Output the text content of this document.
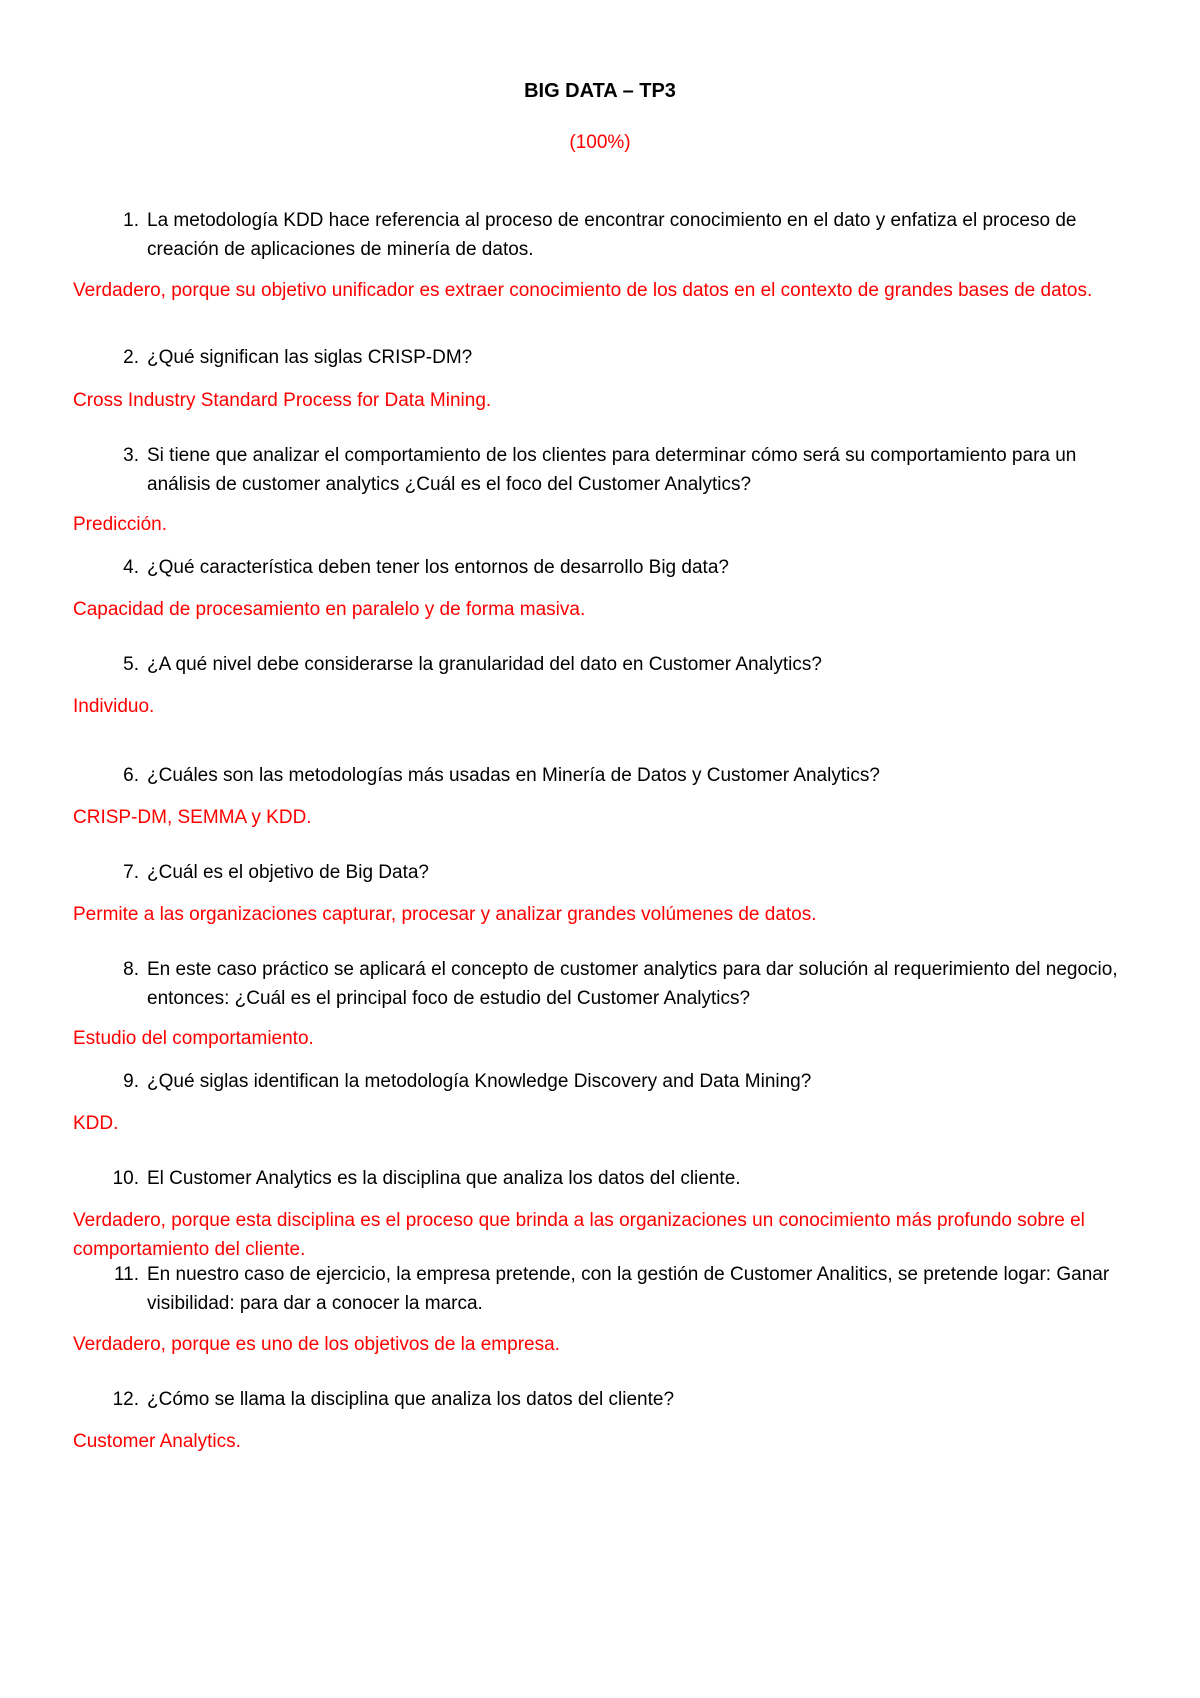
BIG DATA – TP3
(100%)
1. La metodología KDD hace referencia al proceso de encontrar conocimiento en el dato y enfatiza el proceso de creación de aplicaciones de minería de datos.
Verdadero, porque su objetivo unificador es extraer conocimiento de los datos en el contexto de grandes bases de datos.
2. ¿Qué significan las siglas CRISP-DM?
Cross Industry Standard Process for Data Mining.
3. Si tiene que analizar el comportamiento de los clientes para determinar cómo será su comportamiento para un análisis de customer analytics ¿Cuál es el foco del Customer Analytics?
Predicción.
4. ¿Qué característica deben tener los entornos de desarrollo Big data?
Capacidad de procesamiento en paralelo y de forma masiva.
5. ¿A qué nivel debe considerarse la granularidad del dato en Customer Analytics?
Individuo.
6. ¿Cuáles son las metodologías más usadas en Minería de Datos y Customer Analytics?
CRISP-DM, SEMMA y KDD.
7. ¿Cuál es el objetivo de Big Data?
Permite a las organizaciones capturar, procesar y analizar grandes volúmenes de datos.
8. En este caso práctico se aplicará el concepto de customer analytics para dar solución al requerimiento del negocio, entonces: ¿Cuál es el principal foco de estudio del Customer Analytics?
Estudio del comportamiento.
9. ¿Qué siglas identifican la metodología Knowledge Discovery and Data Mining?
KDD.
10. El Customer Analytics es la disciplina que analiza los datos del cliente.
Verdadero, porque esta disciplina es el proceso que brinda a las organizaciones un conocimiento más profundo sobre el comportamiento del cliente.
11. En nuestro caso de ejercicio, la empresa pretende, con la gestión de Customer Analitics, se pretende logar: Ganar visibilidad: para dar a conocer la marca.
Verdadero, porque es uno de los objetivos de la empresa.
12. ¿Cómo se llama la disciplina que analiza los datos del cliente?
Customer Analytics.
